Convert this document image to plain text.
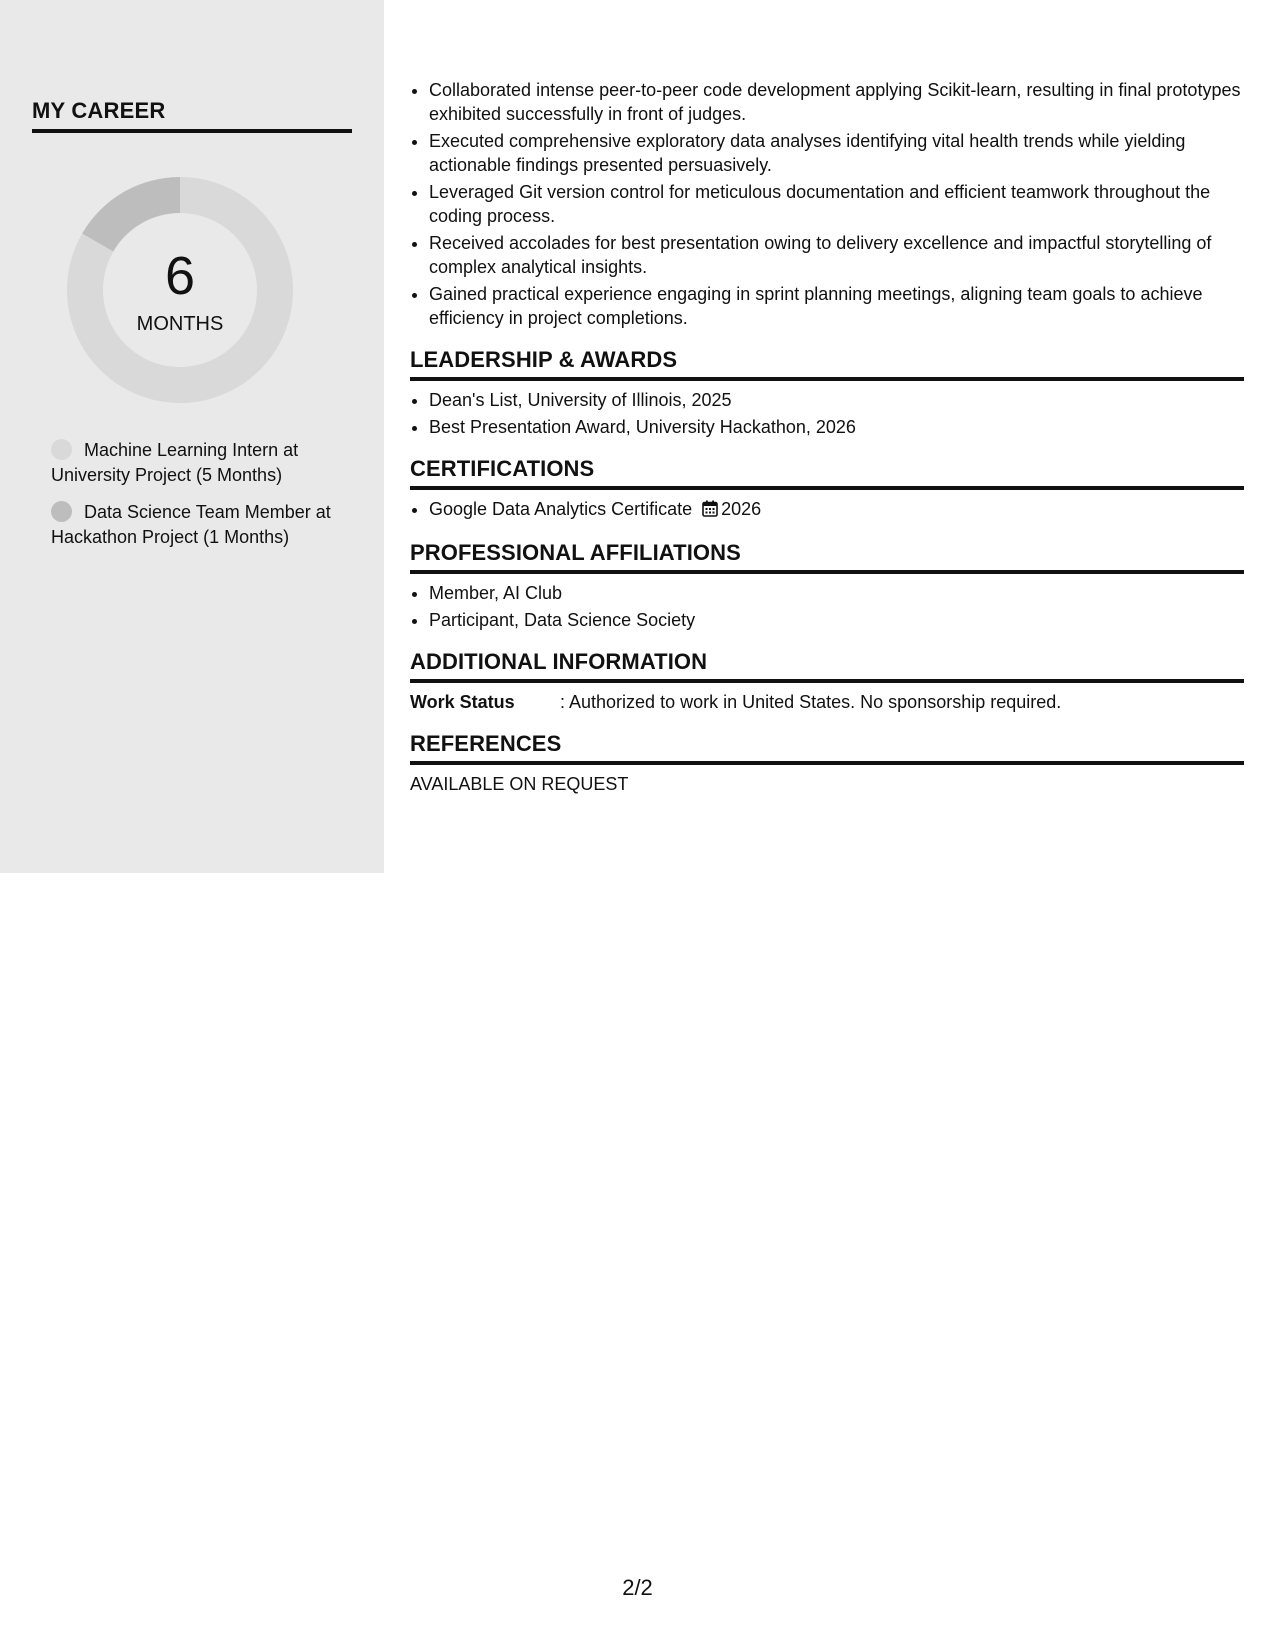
MY CAREER
6
MONTHS
Machine Learning Intern at University Project (5 Months)
Data Science Team Member at Hackathon Project (1 Months)
• Collaborated intense peer-to-peer code development applying Scikit-learn, resulting in final prototypes exhibited successfully in front of judges.
• Executed comprehensive exploratory data analyses identifying vital health trends while yielding actionable findings presented persuasively.
• Leveraged Git version control for meticulous documentation and efficient teamwork throughout the coding process.
• Received accolades for best presentation owing to delivery excellence and impactful storytelling of complex analytical insights.
• Gained practical experience engaging in sprint planning meetings, aligning team goals to achieve efficiency in project completions.
LEADERSHIP & AWARDS
• Dean's List, University of Illinois, 2025
• Best Presentation Award, University Hackathon, 2026
CERTIFICATIONS
• Google Data Analytics Certificate 2026
PROFESSIONAL AFFILIATIONS
• Member, AI Club
• Participant, Data Science Society
ADDITIONAL INFORMATION
Work Status	: Authorized to work in United States. No sponsorship required.
REFERENCES
AVAILABLE ON REQUEST
2/2
